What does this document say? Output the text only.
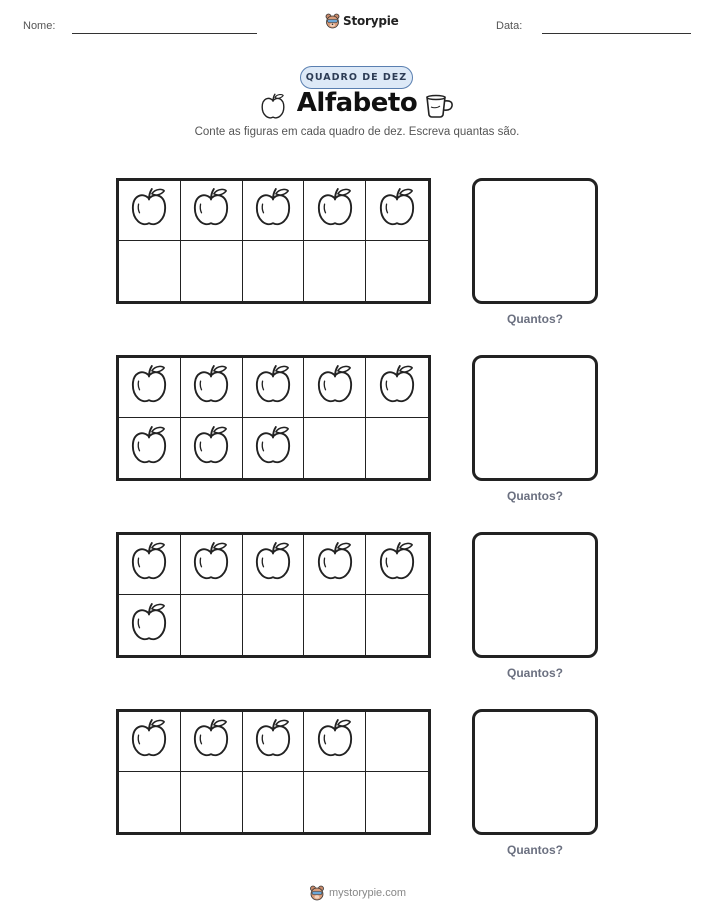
Nome:	Storypie	Data:
QUADRO DE DEZ
Alfabeto
Conte as figuras em cada quadro de dez. Escreva quantas são.
Quantos?
Quantos?
Quantos?
Quantos?
mystorypie.com
